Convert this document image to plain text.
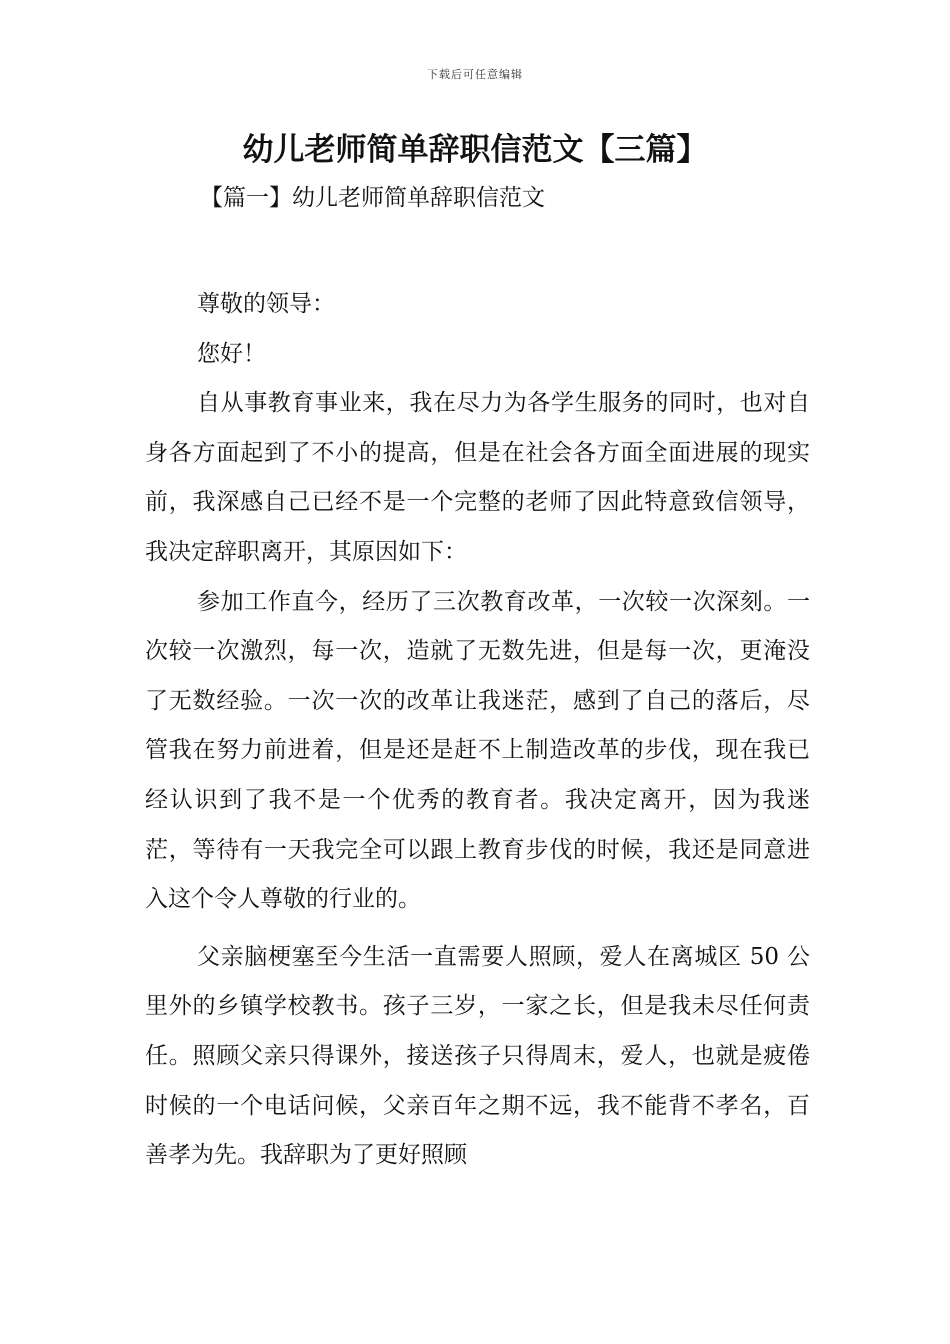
下载后可任意编辑
幼儿老师简单辞职信范文【三篇】
【篇一】幼儿老师简单辞职信范文

尊敬的领导：

您好！

自从事教育事业来，我在尽力为各学生服务的同时，也对自身各方面起到了不小的提高，但是在社会各方面全面进展的现实前，我深感自己已经不是一个完整的老师了因此特意致信领导，我决定辞职离开，其原因如下：

参加工作直今，经历了三次教育改革，一次较一次深刻。一次较一次激烈，每一次，造就了无数先进，但是每一次，更淹没了无数经验。一次一次的改革让我迷茫，感到了自己的落后，尽管我在努力前进着，但是还是赶不上制造改革的步伐，现在我已经认识到了我不是一个优秀的教育者。我决定离开，因为我迷茫，等待有一天我完全可以跟上教育步伐的时候，我还是同意进入这个令人尊敬的行业的。

父亲脑梗塞至今生活一直需要人照顾，爱人在离城区 50 公里外的乡镇学校教书。孩子三岁，一家之长，但是我未尽任何责任。照顾父亲只得课外，接送孩子只得周末，爱人，也就是疲倦时候的一个电话问候，父亲百年之期不远，我不能背不孝名，百善孝为先。我辞职为了更好照顾
